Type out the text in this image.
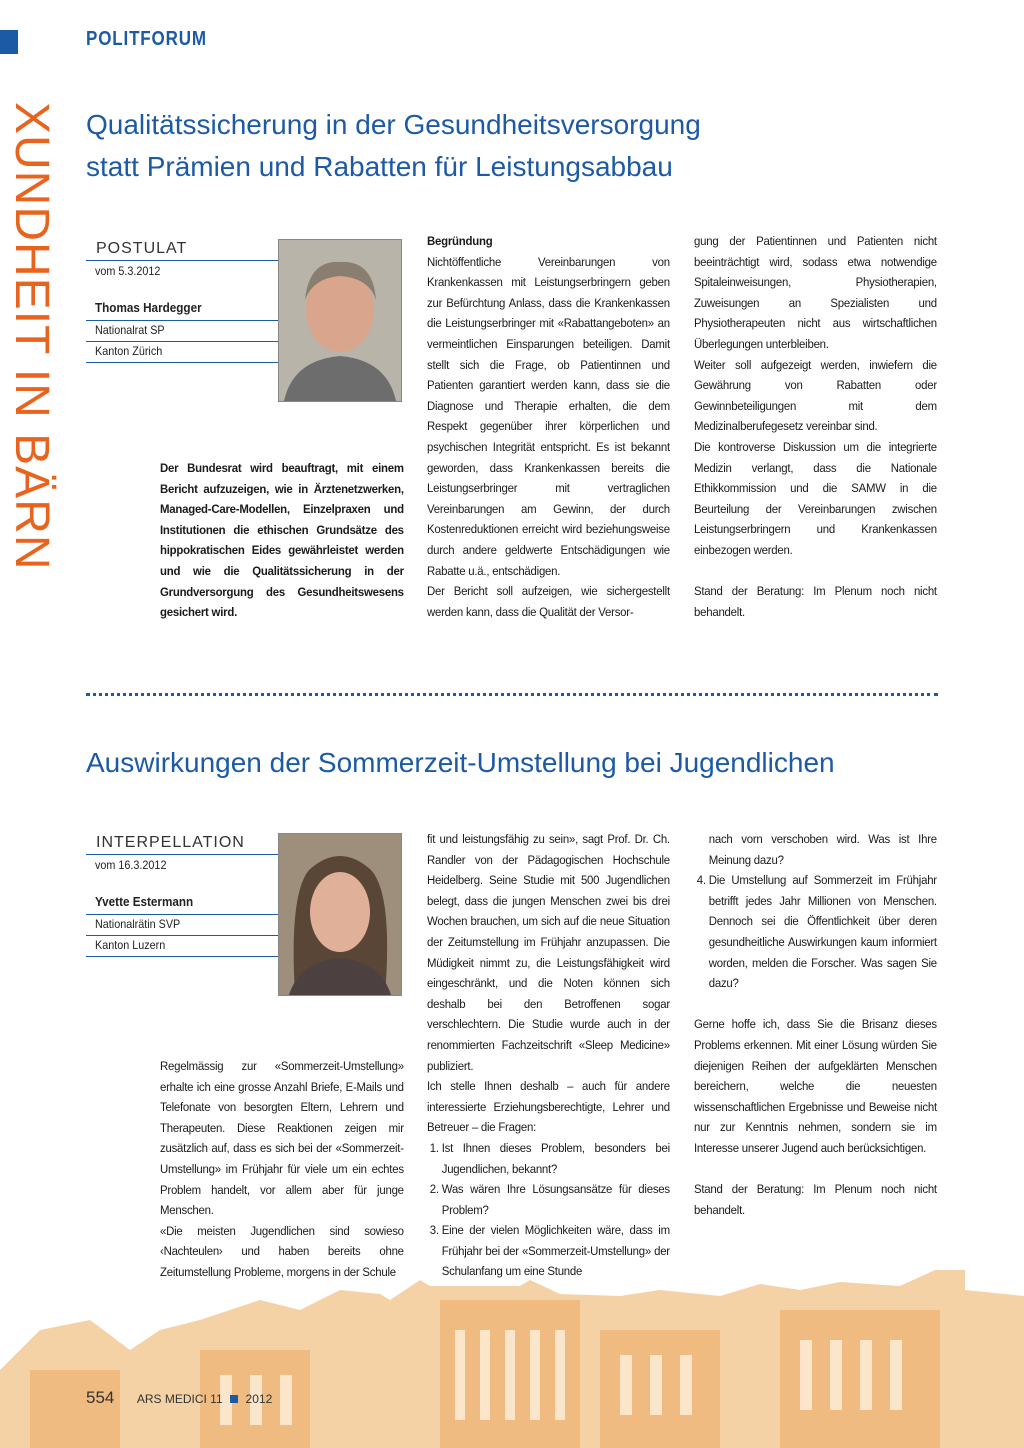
POLITFORUM
XUNDHEIT IN BÄRN Qualitätssicherung in der Gesundheitsversorgung
statt Prämien und Rabatten für Leistungsabbau
POSTULAT
vom 5.3.2012
Thomas Hardegger
Nationalrat SP
Kanton Zürich
Der Bundesrat wird beauftragt, mit einem Bericht aufzuzeigen, wie in Ärztenetzwerken, Managed-Care-Modellen, Einzelpraxen und Institutionen die ethischen Grundsätze des hippokratischen Eides gewährleistet werden und wie die Qualitätssicherung in der Grundversorgung des Gesundheitswesens gesichert wird.

Begründung

Nichtöffentliche Vereinbarungen von Krankenkassen mit Leistungserbringern geben zur Befürchtung Anlass, dass die Krankenkassen die Leistungserbringer mit «Rabattangeboten» an vermeintlichen Einsparungen beteiligen. Damit stellt sich die Frage, ob Patientinnen und Patienten garantiert werden kann, dass sie die Diagnose und Therapie erhalten, die dem Respekt gegenüber ihrer körperlichen und psychischen Integrität entspricht. Es ist bekannt geworden, dass Krankenkassen bereits die Leistungserbringer mit vertraglichen Vereinbarungen am Gewinn, der durch Kostenreduktionen erreicht wird beziehungsweise durch andere geldwerte Entschädigungen wie Rabatte u.ä., entschädigen.

Der Bericht soll aufzeigen, wie sichergestellt werden kann, dass die Qualität der Versor-

gung der Patientinnen und Patienten nicht beeinträchtigt wird, sodass etwa notwendige Spitaleinweisungen, Physiotherapien, Zuweisungen an Spezialisten und Physiotherapeuten nicht aus wirtschaftlichen Überlegungen unterbleiben.

Weiter soll aufgezeigt werden, inwiefern die Gewährung von Rabatten oder Gewinnbeteiligungen mit dem Medizinalberufegesetz vereinbar sind.

Die kontroverse Diskussion um die integrierte Medizin verlangt, dass die Nationale Ethikkommission und die SAMW in die Beurteilung der Vereinbarungen zwischen Leistungserbringern und Krankenkassen einbezogen werden.

Stand der Beratung: Im Plenum noch nicht behandelt.

Auswirkungen der Sommerzeit-Umstellung bei Jugendlichen
INTERPELLATION
vom 16.3.2012
Yvette Estermann
Nationalrätin SVP
Kanton Luzern

Regelmässig zur «Sommerzeit-Umstellung» erhalte ich eine grosse Anzahl Briefe, E-Mails und Telefonate von besorgten Eltern, Lehrern und Therapeuten. Diese Reaktionen zeigen mir zusätzlich auf, dass es sich bei der «Sommerzeit-Umstellung» im Frühjahr für viele um ein echtes Problem handelt, vor allem aber für junge Menschen.

«Die meisten Jugendlichen sind sowieso ‹Nachteulen› und haben bereits ohne Zeitumstellung Probleme, morgens in der Schule

fit und leistungsfähig zu sein», sagt Prof. Dr. Ch. Randler von der Pädagogischen Hochschule Heidelberg. Seine Studie mit 500 Jugendlichen belegt, dass die jungen Menschen zwei bis drei Wochen brauchen, um sich auf die neue Situation der Zeitumstellung im Frühjahr anzupassen. Die Müdigkeit nimmt zu, die Leistungsfähigkeit wird eingeschränkt, und die Noten können sich deshalb bei den Betroffenen sogar verschlechtern. Die Studie wurde auch in der renommierten Fachzeitschrift «Sleep Medicine» publiziert.

Ich stelle Ihnen deshalb – auch für andere interessierte Erziehungsberechtigte, Lehrer und Betreuer – die Fragen:

1. Ist Ihnen dieses Problem, besonders bei Jugendlichen, bekannt?
2. Was wären Ihre Lösungsansätze für dieses Problem?
3. Eine der vielen Möglichkeiten wäre, dass im Frühjahr bei der «Sommerzeit-Umstellung» der Schulanfang um eine Stunde

nach vorn verschoben wird. Was ist Ihre Meinung dazu?

4. Die Umstellung auf Sommerzeit im Frühjahr betrifft jedes Jahr Millionen von Menschen. Dennoch sei die Öffentlichkeit über deren gesundheitliche Auswirkungen kaum informiert worden, melden die Forscher. Was sagen Sie dazu?

Gerne hoffe ich, dass Sie die Brisanz dieses Problems erkennen. Mit einer Lösung würden Sie diejenigen Reihen der aufgeklärten Menschen bereichern, welche die neuesten wissenschaftlichen Ergebnisse und Beweise nicht nur zur Kenntnis nehmen, sondern sie im Interesse unserer Jugend auch berücksichtigen.

Stand der Beratung: Im Plenum noch nicht behandelt.

554 ARS MEDICI 11 2012
